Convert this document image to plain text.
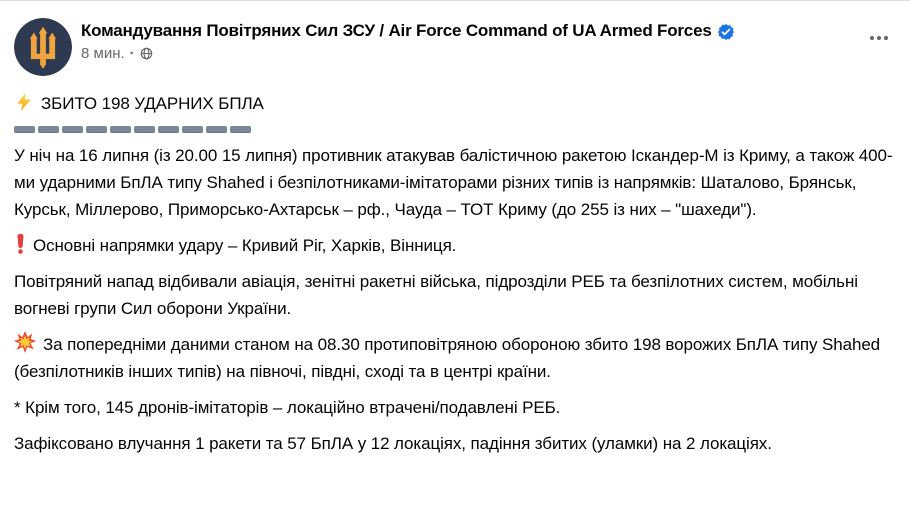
Командування Повітряних Сил ЗСУ / Air Force Command of UA Armed Forces
8 мин. ·

ЗБИТО 198 УДАРНИХ БПЛА

У ніч на 16 липня (із 20.00 15 липня) противник атакував балістичною ракетою Іскандер-М із Криму, а також 400-ми ударними БпЛА типу Shahed і безпілотниками-імітаторами різних типів із напрямків: Шаталово, Брянськ, Курськ, Міллерово, Приморсько-Ахтарськ – рф., Чауда – ТОТ Криму (до 255 із них – "шахеди").

Основні напрямки удару – Кривий Ріг, Харків, Вінниця.

Повітряний напад відбивали авіація, зенітні ракетні війська, підрозділи РЕБ та безпілотних систем, мобільні вогневі групи Сил оборони України.

За попередніми даними станом на 08.30 протиповітряною обороною збито 198 ворожих БпЛА типу Shahed (безпілотників інших типів) на півночі, півдні, сході та в центрі країни.

* Крім того, 145 дронів-імітаторів – локаційно втрачені/подавлені РЕБ.

Зафіксовано влучання 1 ракети та 57 БпЛА у 12 локаціях, падіння збитих (уламки) на 2 локаціях.
